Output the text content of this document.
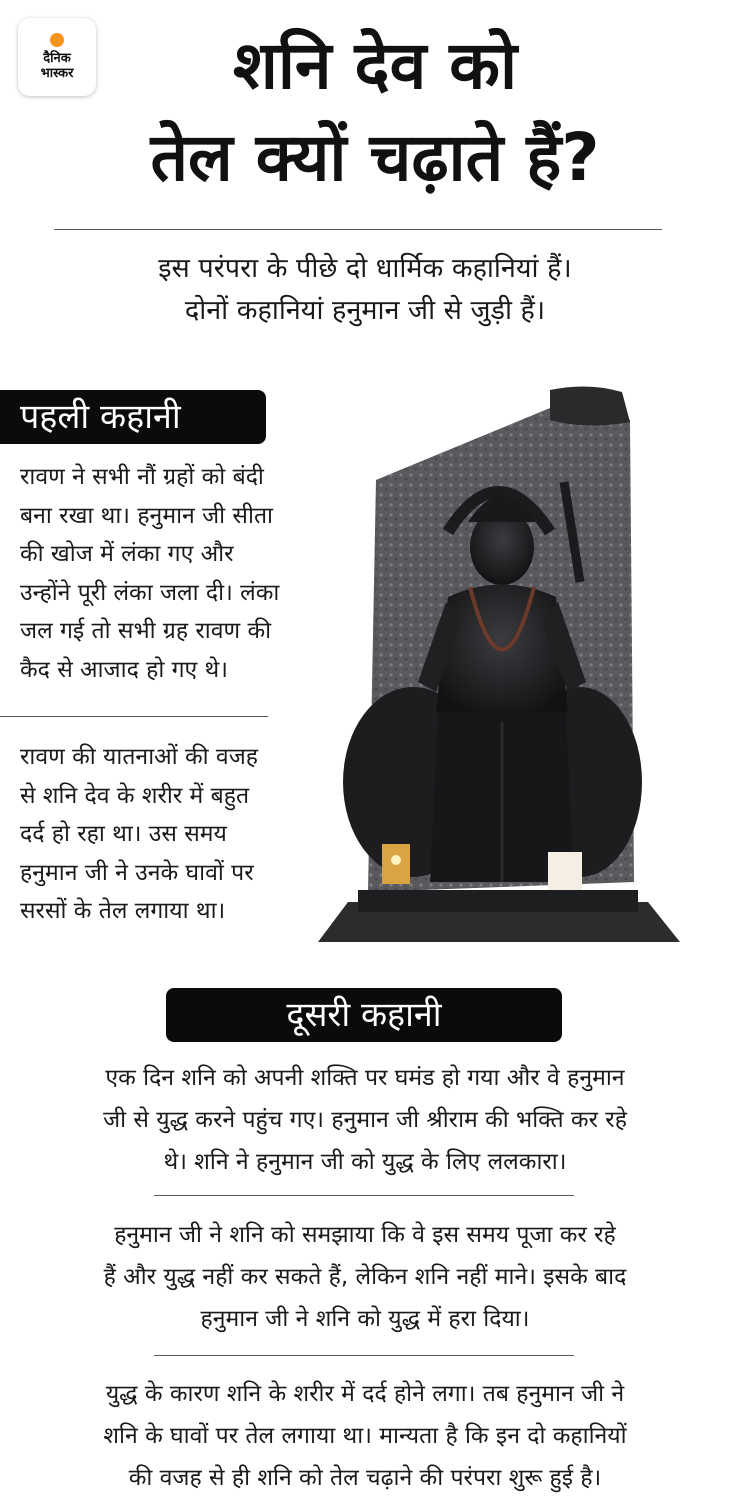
दैनिक
भास्कर	शनि देव को
तेल क्यों चढ़ाते हैं?
इस परंपरा के पीछे दो धार्मिक कहानियां हैं।
दोनों कहानियां हनुमान जी से जुड़ी हैं।
पहली कहानी
रावण ने सभी नौं ग्रहों को बंदी
बना रखा था। हनुमान जी सीता
की खोज में लंका गए और
उन्होंने पूरी लंका जला दी। लंका
जल गई तो सभी ग्रह रावण की
कैद से आजाद हो गए थे।
रावण की यातनाओं की वजह
से शनि देव के शरीर में बहुत
दर्द हो रहा था। उस समय
हनुमान जी ने उनके घावों पर
सरसों के तेल लगाया था।
दूसरी कहानी
एक दिन शनि को अपनी शक्ति पर घमंड हो गया और वे हनुमान
जी से युद्ध करने पहुंच गए। हनुमान जी श्रीराम की भक्ति कर रहे
थे। शनि ने हनुमान जी को युद्ध के लिए ललकारा।
हनुमान जी ने शनि को समझाया कि वे इस समय पूजा कर रहे
हैं और युद्ध नहीं कर सकते हैं, लेकिन शनि नहीं माने। इसके बाद
हनुमान जी ने शनि को युद्ध में हरा दिया।
युद्ध के कारण शनि के शरीर में दर्द होने लगा। तब हनुमान जी ने
शनि के घावों पर तेल लगाया था। मान्यता है कि इन दो कहानियों
की वजह से ही शनि को तेल चढ़ाने की परंपरा शुरू हुई है।
